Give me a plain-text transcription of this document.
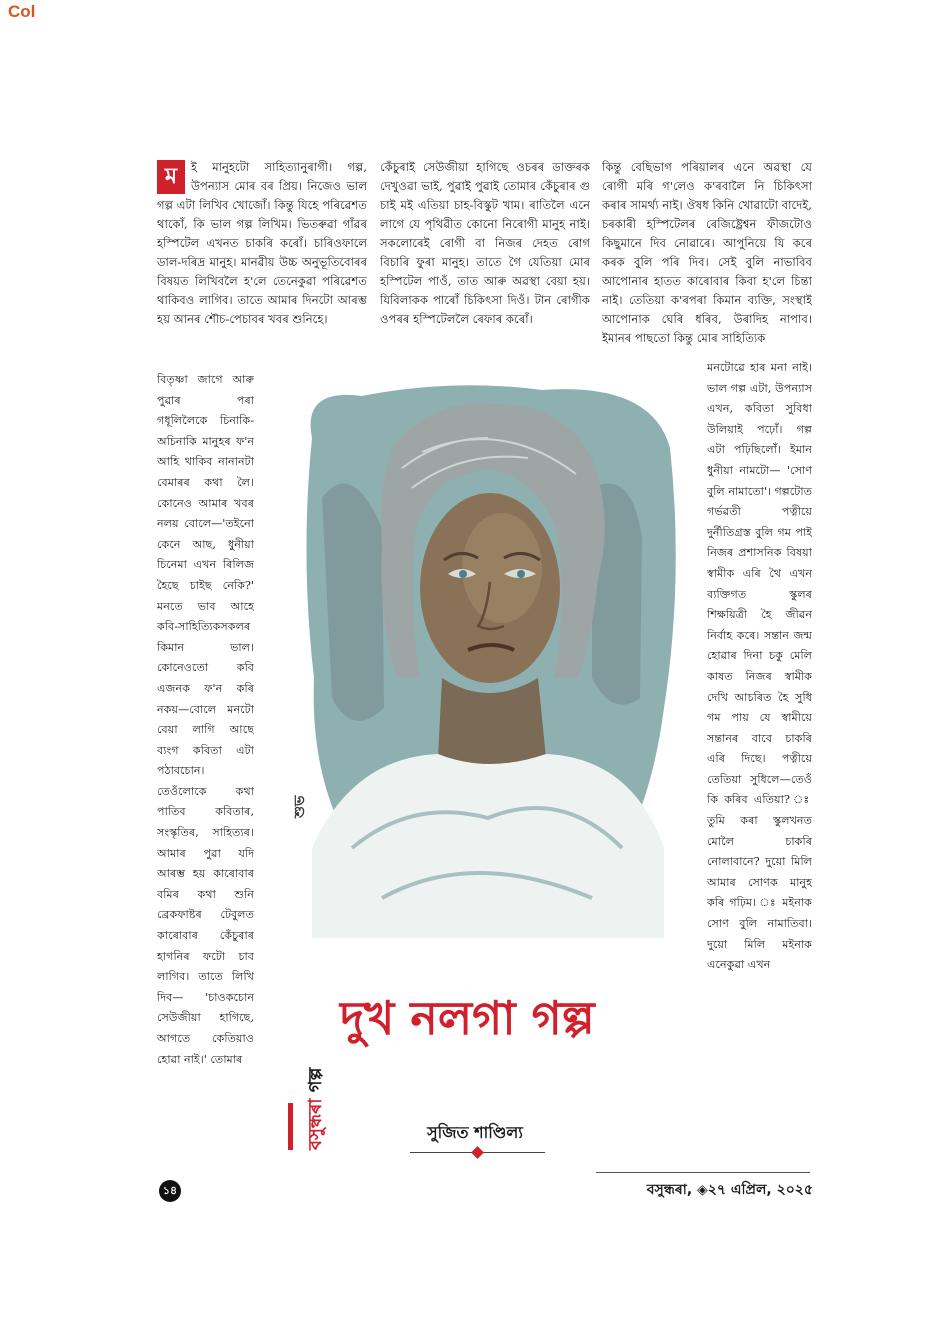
Col
ম	ই মানুহটো সাহিত্যানুৰাগী। গল্প, উপন্যাস মোৰ বৰ প্ৰিয়। নিজেও ভাল গল্প এটা লিখিব খোজোঁ। কিন্তু যিহে পৰিৱেশত থাকোঁ, কি ভাল গল্প লিখিম। ভিতৰুৱা গাঁৱৰ হস্পিটেল এখনত চাকৰি কৰোঁ। চাৰিওফালে ডাল-দৰিদ্ৰ মানুহ। মানৱীয় উচ্চ অনুভূতিবোৰৰ বিষয়ত লিখিবলৈ হ'লে তেনেকুৱা পৰিৱেশত থাকিবও লাগিব। তাতে আমাৰ দিনটো আৰম্ভ হয় আনৰ শৌচ-পেচাবৰ খবৰ শুনিহে।

কেঁচুৰাই সেউজীয়া হাগিছে ওচৰৰ ডাক্তৰক দেখুওৱা ভাই, পুৱাই পুৱাই তোমাৰ কেঁচুৰাৰ গু চাই মই এতিয়া চাহ-বিস্কুট খাম। ৰাতিলৈ এনে লাগে যে পৃথিৱীত কোনো নিৰোগী মানুহ নাই। সকলোৰেই ৰোগী বা নিজৰ দেহত ৰোগ বিচাৰি ফুৰা মানুহ। তাতে গৈ যেতিয়া মোৰ হস্পিটেল পাওঁ, তাত আৰু অৱস্থা বেয়া হয়। যিবিলাকক পাৰোঁ চিকিৎসা দিওঁ। টান ৰোগীক ওপৰৰ হস্পিটেললৈ ৰেফাৰ কৰোঁ।

কিন্তু বেছিভাগ পৰিয়ালৰ এনে অৱস্থা যে ৰোগী মৰি গ'লেও ক'ৰবালৈ নি চিকিৎসা কৰাৰ সামৰ্থ্য নাই। ঔষধ কিনি খোৱাটো বাদেই, চৰকাৰী হস্পিটেলৰ ৰেজিষ্ট্ৰেশ্বন ফীজটোও কিছুমানে দিব নোৱাৰে। আপুনিয়ে যি কৰে কৰক বুলি পৰি দিব। সেই বুলি নাভাবিব আপোনাৰ হাতত কাৰোবাৰ কিবা হ'লে চিন্তা নাই। তেতিয়া ক'ৰপৰা কিমান ব্যক্তি, সংস্থাই আপোনাক ঘেৰি ধৰিব, উৰাদিহ নাপাব। ইমানৰ পাছতো কিন্তু মোৰ সাহিত্যিক

বিতৃষ্ণা জাগে আৰু পুৱাৰ পৰা গধূলিলৈকে চিনাকি-অচিনাকি মানুহৰ ফ'ন আহি থাকিব নানানটা বেমাৰৰ কথা লৈ। কোনেও আমাৰ খবৰ নলয় বোলে—'তইনো কেনে আছ, ধুনীয়া চিনেমা এখন ৰিলিজ হৈছে চাইছ নেকি?' মনতে ভাব আহে কবি-সাহিত্যিকসকলৰ কিমান ভাল। কোনেওতো কবি এজনক ফ'ন কৰি নকয়—বোলে মনটো বেয়া লাগি আছে ব্যংগ কবিতা এটা পঠাবচোন। তেওঁলোকে কথা পাতিব কবিতাৰ, সংস্কৃতিৰ, সাহিত্যৰ। আমাৰ পুৱা যদি আৰম্ভ হয় কাৰোবাৰ বমিৰ কথা শুনি ব্ৰেকফাষ্টৰ টেবুলত কাৰোবাৰ কেঁচুৰাৰ হাগনিৰ ফটো চাব লাগিব। তাতে লিখি দিব— 'চাওকচোন সেউজীয়া হাগিছে, আগতে কেতিয়াও হোৱা নাই।' তোমাৰ

মনটোৱে হাৰ মনা নাই। ভাল গল্প এটা, উপন্যাস এখন, কবিতা সুবিধা উলিয়াই পঢ়োঁ। গল্প এটা পঢ়িছিলোঁ। ইমান ধুনীয়া নামটো— 'সোণ বুলি নামাতো'। গল্পটোত গৰ্ভৱতী পত্নীয়ে দুৰ্নীতিগ্ৰস্ত বুলি গম পাই নিজৰ প্ৰশাসনিক বিষয়া স্বামীক এৰি থৈ এখন ব্যক্তিগত স্কুলৰ শিক্ষয়িত্ৰী হৈ জীৱন নিৰ্বাহ কৰে। সন্তান জন্ম হোৱাৰ দিনা চকু মেলি কাষত নিজৰ স্বামীক দেখি আচৰিত হৈ সুধি গম পায় যে স্বামীয়ে সন্তানৰ বাবে চাকৰি এৰি দিছে। পত্নীয়ে তেতিয়া সুধিলে—তেওঁ কি কৰিব এতিয়া? ঃ তুমি কৰা স্কুলখনত মোলৈ চাকৰি নোলাবানে? দুয়ো মিলি আমাৰ সোণক মানুহ কৰি গঢ়িম। ঃ মইনাক সোণ বুলি নামাতিবা। দুয়ো মিলি মইনাক এনেকুৱা এখন

শুভ
দুখ নলগা গল্প
বসুন্ধৰা গল্প
সুজিত শাণ্ডিল্য
১৪	বসুন্ধৰা, ◈২৭ এপ্ৰিল, ২০২৫
